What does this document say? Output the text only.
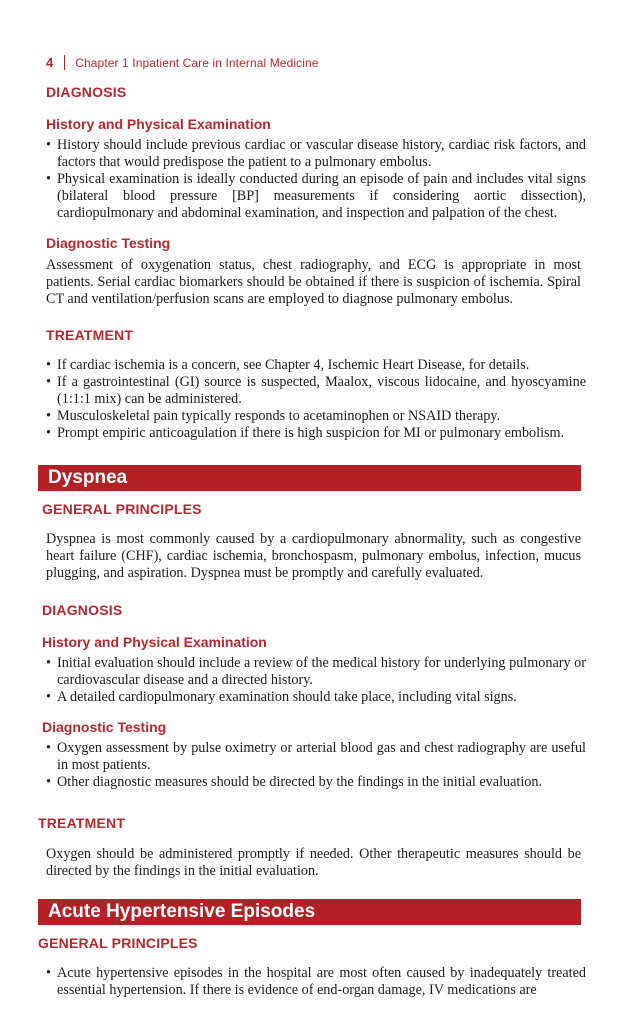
4 Chapter 1 Inpatient Care in Internal Medicine
DIAGNOSIS
History and Physical Examination
• History should include previous cardiac or vascular disease history, cardiac risk factors, and factors that would predispose the patient to a pulmonary embolus.
• Physical examination is ideally conducted during an episode of pain and includes vital signs (bilateral blood pressure [BP] measurements if considering aortic dissection), cardiopulmonary and abdominal examination, and inspection and palpation of the chest.
Diagnostic Testing

Assessment of oxygenation status, chest radiography, and ECG is appropriate in most patients. Serial cardiac biomarkers should be obtained if there is suspicion of ischemia. Spiral CT and ventilation/perfusion scans are employed to diagnose pulmonary embolus.

TREATMENT
• If cardiac ischemia is a concern, see Chapter 4, Ischemic Heart Disease, for details.
• If a gastrointestinal (GI) source is suspected, Maalox, viscous lidocaine, and hyoscyamine (1:1:1 mix) can be administered.
• Musculoskeletal pain typically responds to acetaminophen or NSAID therapy.
• Prompt empiric anticoagulation if there is high suspicion for MI or pulmonary embolism.
Dyspnea
GENERAL PRINCIPLES

Dyspnea is most commonly caused by a cardiopulmonary abnormality, such as congestive heart failure (CHF), cardiac ischemia, bronchospasm, pulmonary embolus, infection, mucus plugging, and aspiration. Dyspnea must be promptly and carefully evaluated.

DIAGNOSIS
History and Physical Examination
• Initial evaluation should include a review of the medical history for underlying pulmonary or cardiovascular disease and a directed history.
• A detailed cardiopulmonary examination should take place, including vital signs.
Diagnostic Testing
• Oxygen assessment by pulse oximetry or arterial blood gas and chest radiography are useful in most patients.
• Other diagnostic measures should be directed by the findings in the initial evaluation.
TREATMENT

Oxygen should be administered promptly if needed. Other therapeutic measures should be directed by the findings in the initial evaluation.

Acute Hypertensive Episodes
GENERAL PRINCIPLES
• Acute hypertensive episodes in the hospital are most often caused by inadequately treated essential hypertension. If there is evidence of end-organ damage, IV medications are
